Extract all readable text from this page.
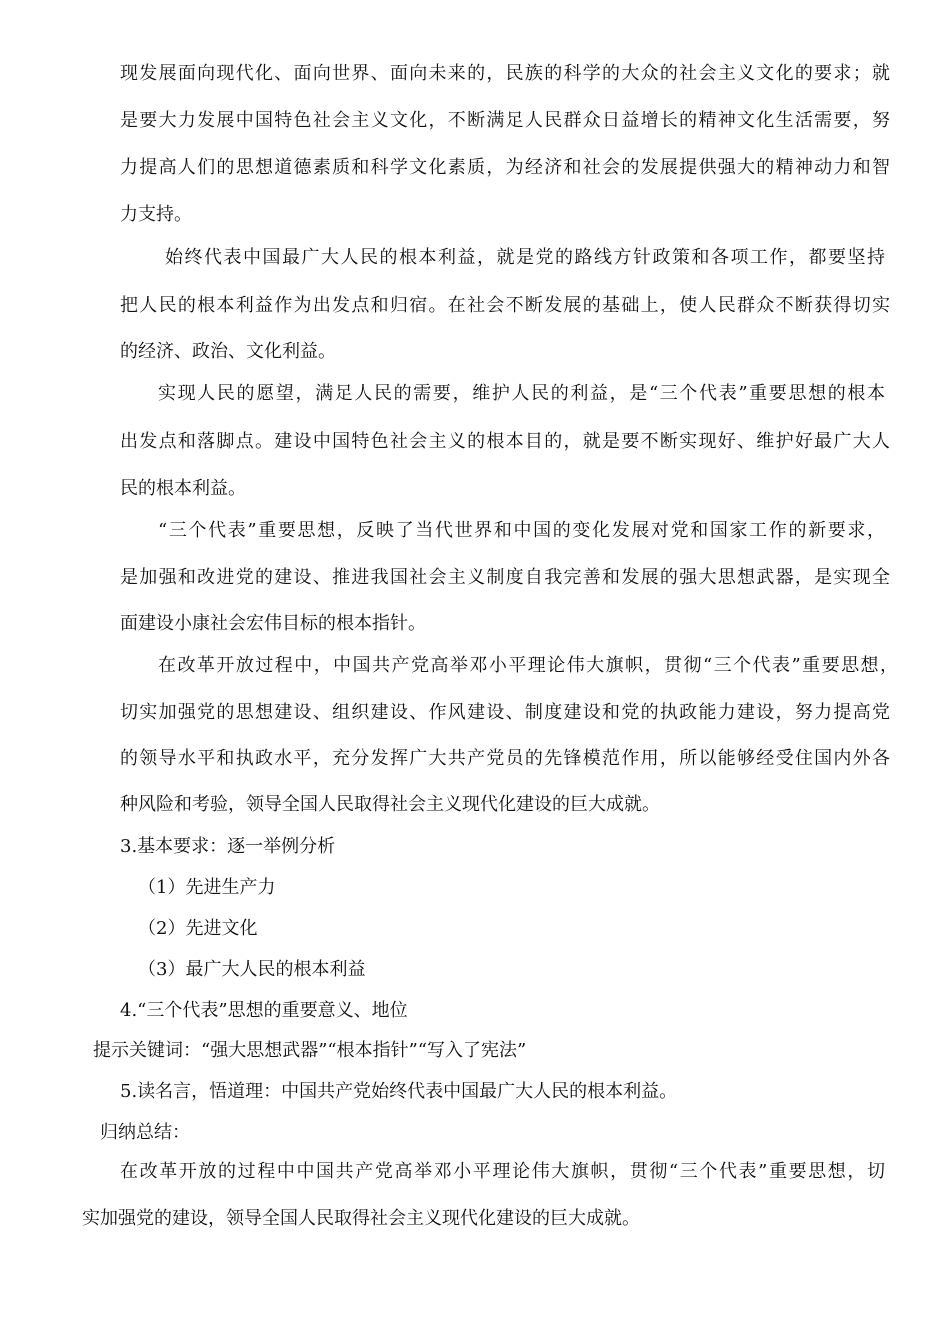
现发展面向现代化、面向世界、面向未来的，民族的科学的大众的社会主义文化的要求；就
是要大力发展中国特色社会主义文化，不断满足人民群众日益增长的精神文化生活需要，努
力提高人们的思想道德素质和科学文化素质，为经济和社会的发展提供强大的精神动力和智
力支持。
始终代表中国最广大人民的根本利益，就是党的路线方针政策和各项工作，都要坚持
把人民的根本利益作为出发点和归宿。在社会不断发展的基础上，使人民群众不断获得切实
的经济、政治、文化利益。
实现人民的愿望，满足人民的需要，维护人民的利益，是“三个代表”重要思想的根本
出发点和落脚点。建设中国特色社会主义的根本目的，就是要不断实现好、维护好最广大人
民的根本利益。
“三个代表”重要思想，反映了当代世界和中国的变化发展对党和国家工作的新要求，
是加强和改进党的建设、推进我国社会主义制度自我完善和发展的强大思想武器，是实现全
面建设小康社会宏伟目标的根本指针。
在改革开放过程中，中国共产党高举邓小平理论伟大旗帜，贯彻“三个代表”重要思想，
切实加强党的思想建设、组织建设、作风建设、制度建设和党的执政能力建设，努力提高党
的领导水平和执政水平，充分发挥广大共产党员的先锋模范作用，所以能够经受住国内外各
种风险和考验，领导全国人民取得社会主义现代化建设的巨大成就。
3.基本要求：逐一举例分析
（1）先进生产力
（2）先进文化
（3）最广大人民的根本利益
4.“三个代表”思想的重要意义、地位
提示关键词：“强大思想武器”“根本指针”“写入了宪法”
5.读名言，悟道理：中国共产党始终代表中国最广大人民的根本利益。
归纳总结：
在改革开放的过程中中国共产党高举邓小平理论伟大旗帜，贯彻“三个代表”重要思想，切
实加强党的建设，领导全国人民取得社会主义现代化建设的巨大成就。
